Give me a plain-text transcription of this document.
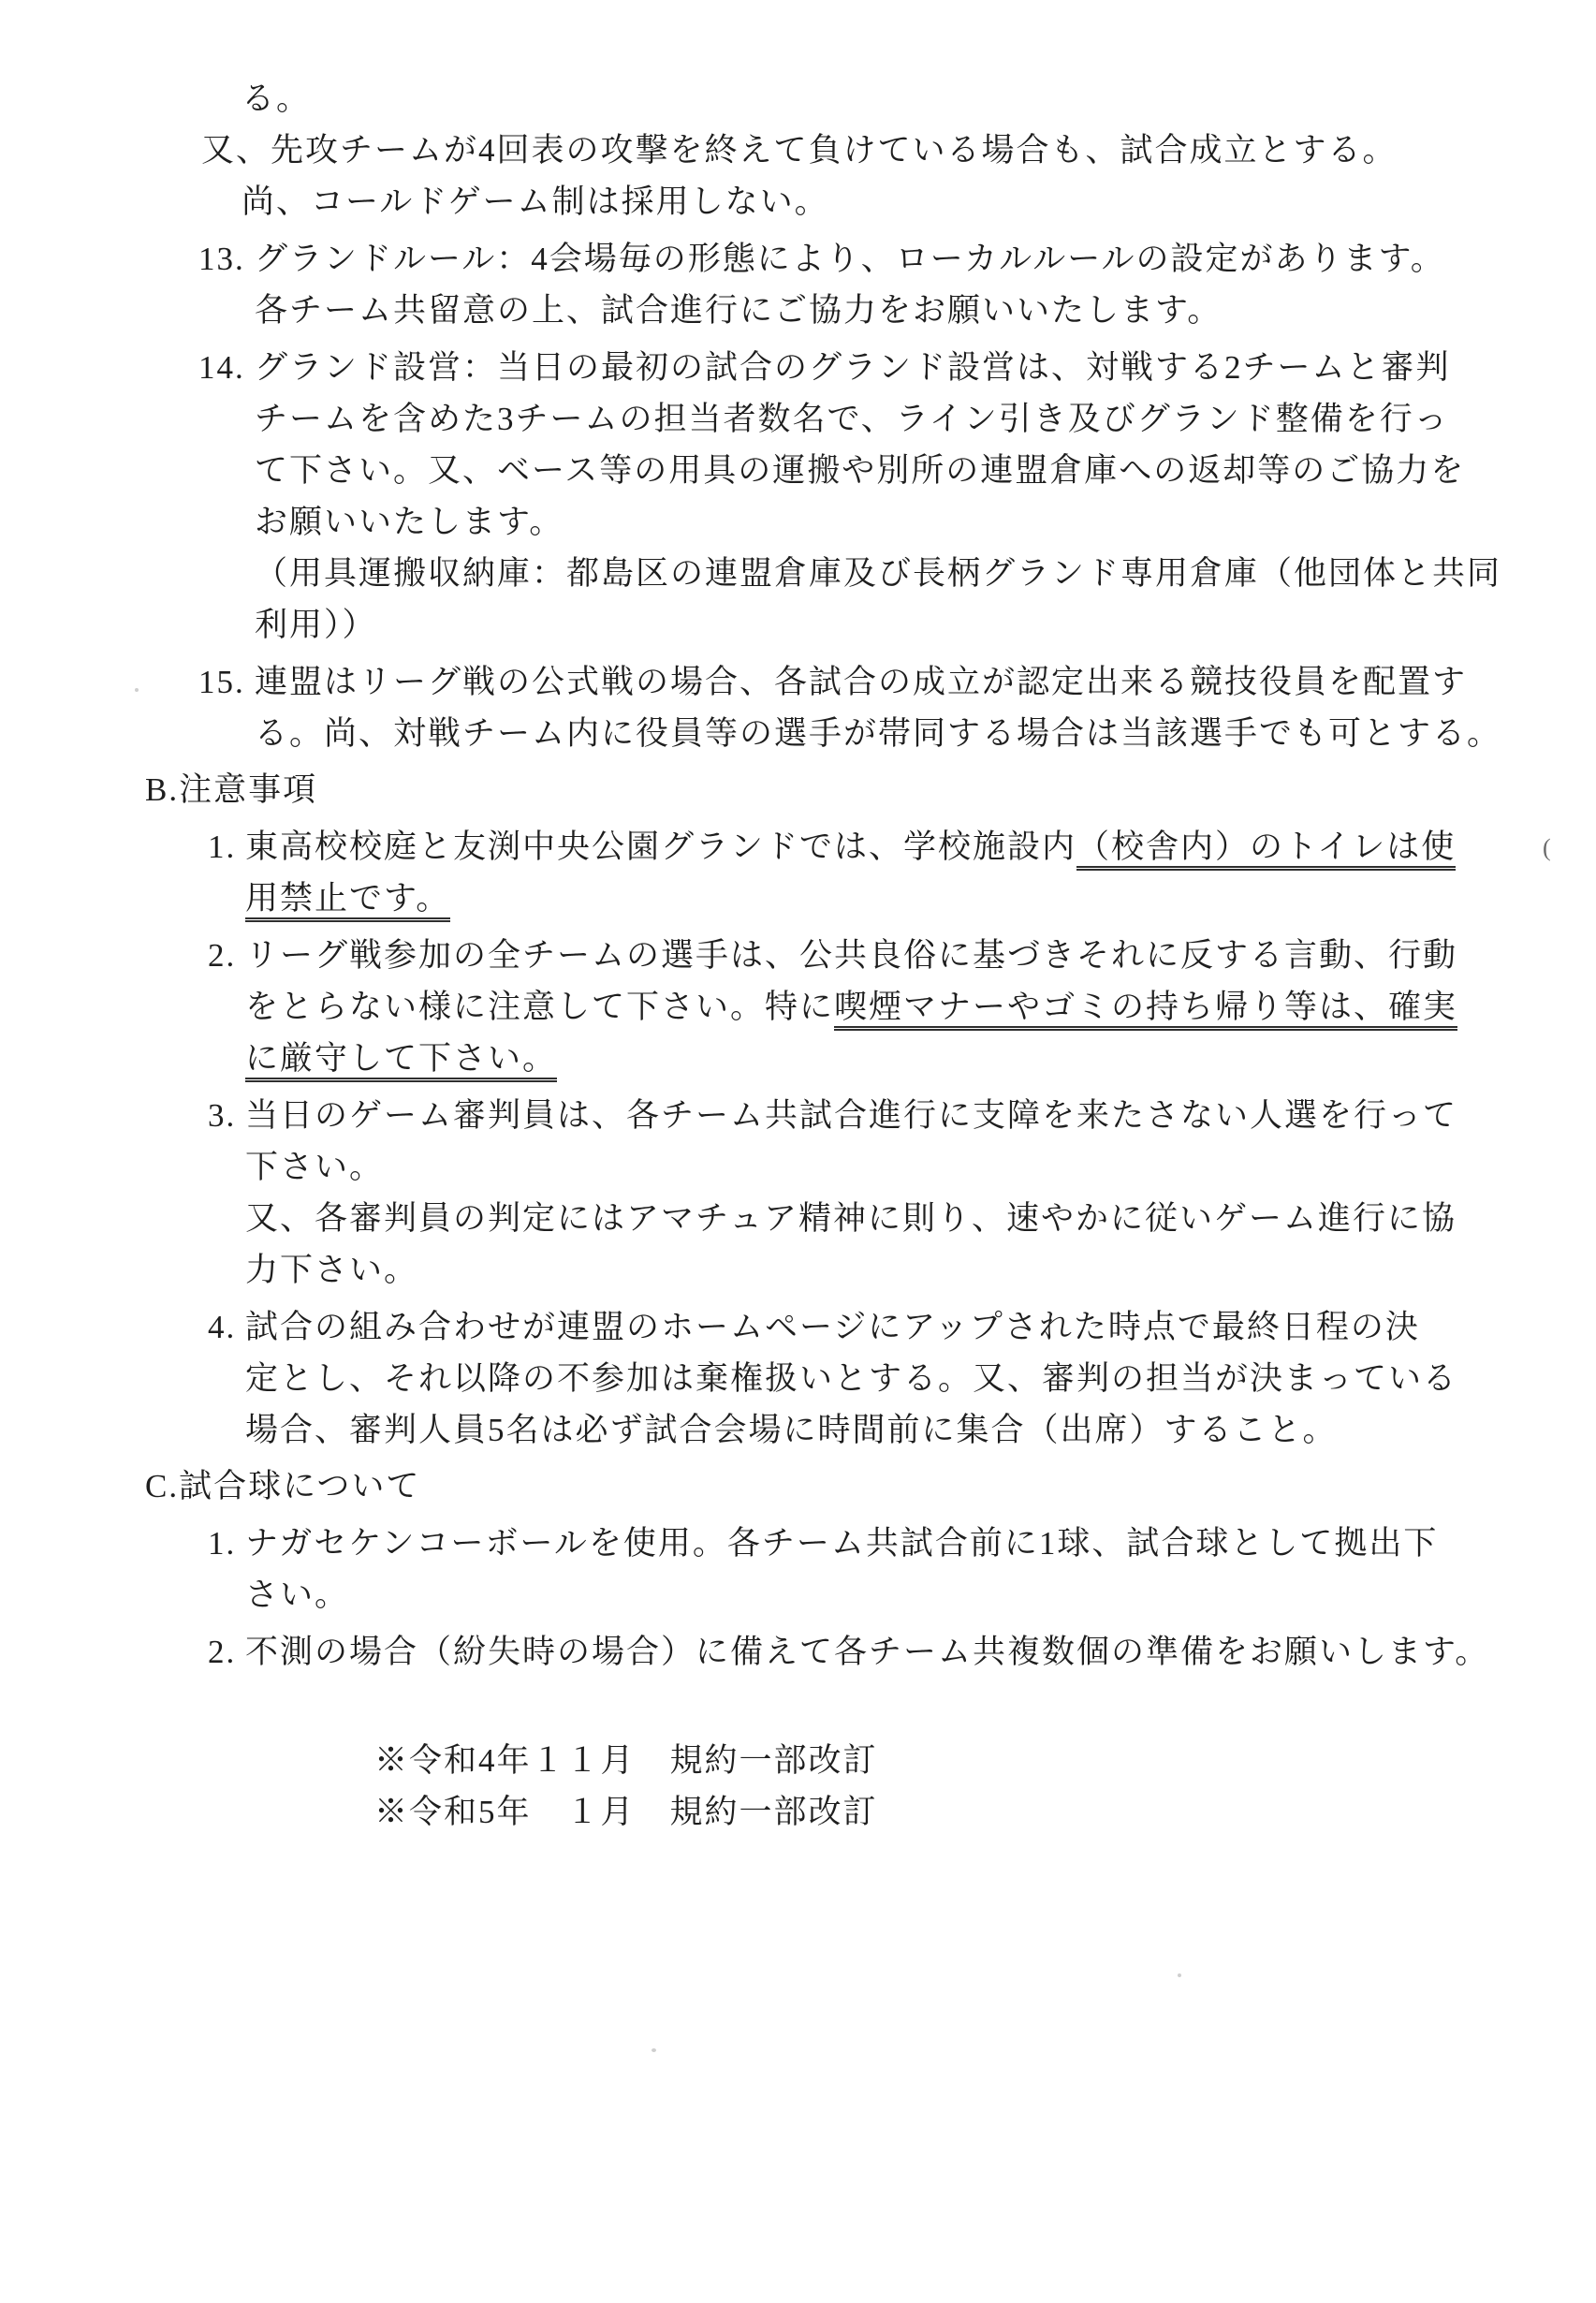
る。
又、先攻チームが4回表の攻撃を終えて負けている場合も、試合成立とする。
尚、コールドゲーム制は採用しない。
13. グランドルール：4会場毎の形態により、ローカルルールの設定があります。
各チーム共留意の上、試合進行にご協力をお願いいたします。
14. グランド設営：当日の最初の試合のグランド設営は、対戦する2チームと審判
チームを含めた3チームの担当者数名で、ライン引き及びグランド整備を行っ
て下さい。又、ベース等の用具の運搬や別所の連盟倉庫への返却等のご協力を
お願いいたします。
（用具運搬収納庫：都島区の連盟倉庫及び長柄グランド専用倉庫（他団体と共同
利用））
15. 連盟はリーグ戦の公式戦の場合、各試合の成立が認定出来る競技役員を配置す
る。尚、対戦チーム内に役員等の選手が帯同する場合は当該選手でも可とする。
B.注意事項
1. 東高校校庭と友渕中央公園グランドでは、学校施設内（校舎内）のトイレは使
用禁止です。
2. リーグ戦参加の全チームの選手は、公共良俗に基づきそれに反する言動、行動
をとらない様に注意して下さい。特に喫煙マナーやゴミの持ち帰り等は、確実
に厳守して下さい。
3. 当日のゲーム審判員は、各チーム共試合進行に支障を来たさない人選を行って
下さい。
又、各審判員の判定にはアマチュア精神に則り、速やかに従いゲーム進行に協
力下さい。
4. 試合の組み合わせが連盟のホームページにアップされた時点で最終日程の決
定とし、それ以降の不参加は棄権扱いとする。又、審判の担当が決まっている
場合、審判人員5名は必ず試合会場に時間前に集合（出席）すること。
C.試合球について
1. ナガセケンコーボールを使用。各チーム共試合前に1球、試合球として拠出下
さい。
2. 不測の場合（紛失時の場合）に備えて各チーム共複数個の準備をお願いします。
※令和4年１１月　規約一部改訂
※令和5年　１月　規約一部改訂
(
